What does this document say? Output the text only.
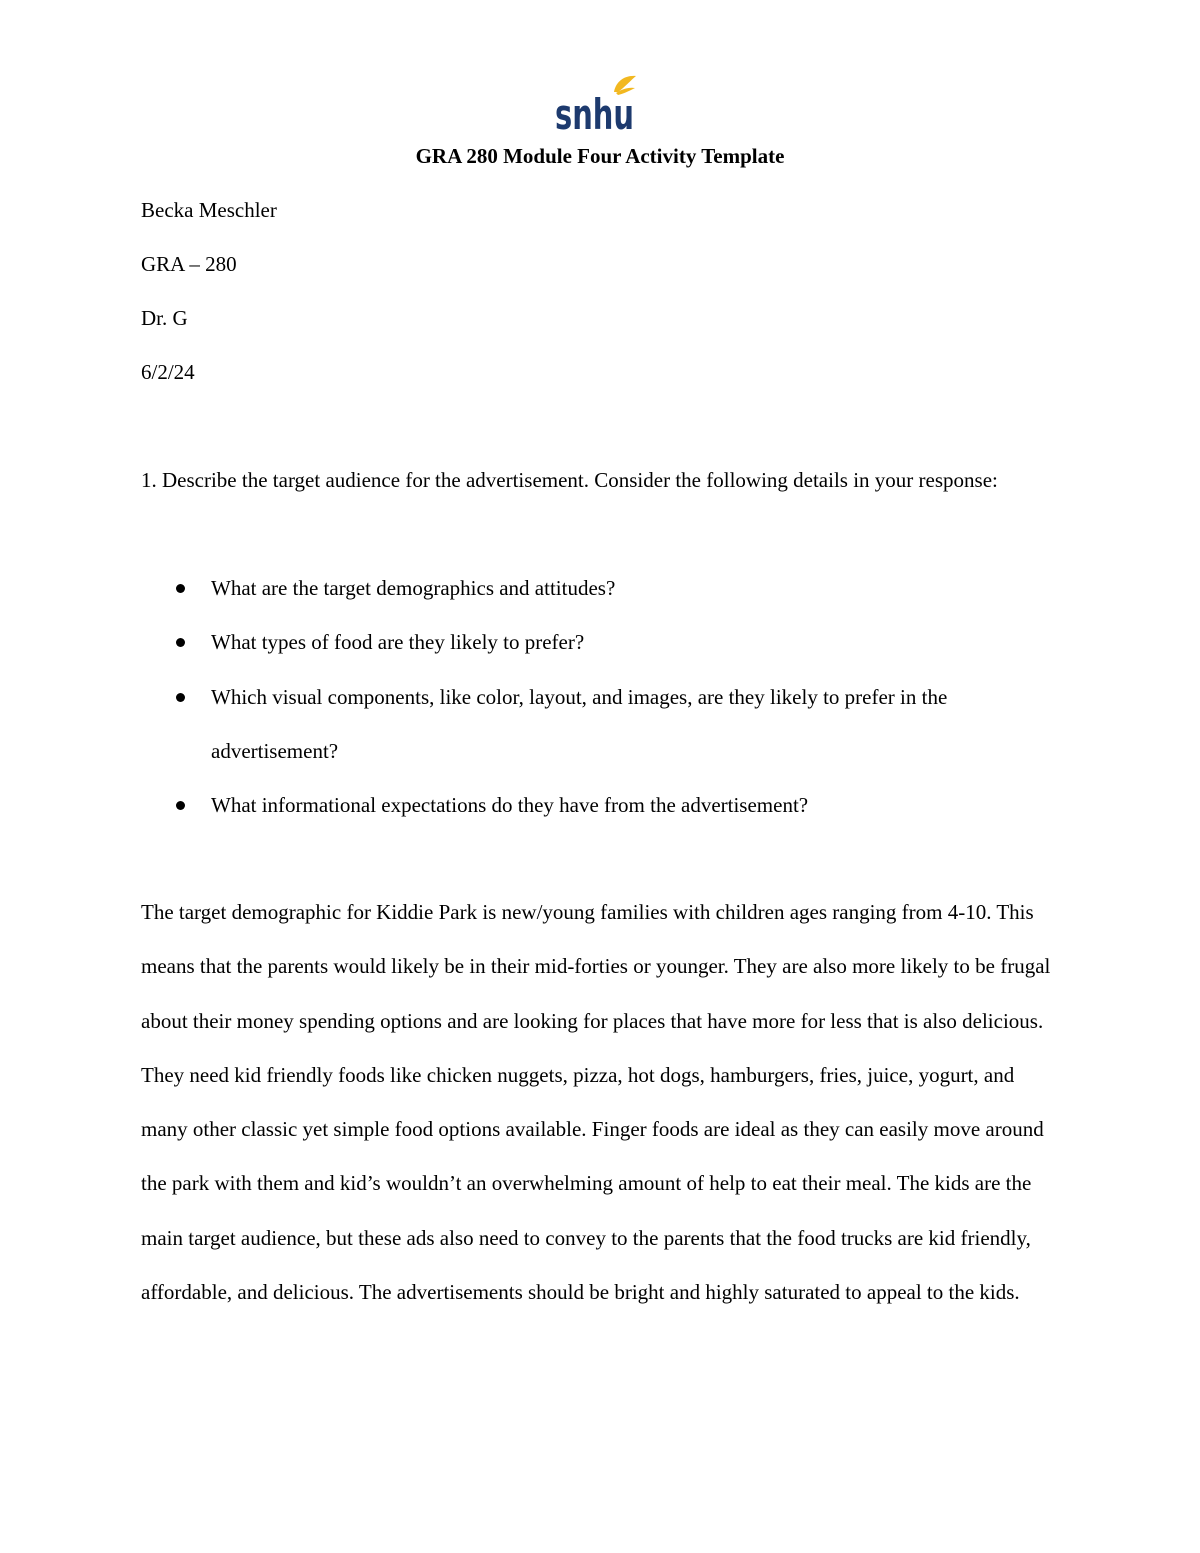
snhu
GRA 280 Module Four Activity Template
Becka Meschler
GRA – 280
Dr. G
6/2/24
1. Describe the target audience for the advertisement. Consider the following details in your response:
What are the target demographics and attitudes?
What types of food are they likely to prefer?
Which visual components, like color, layout, and images, are they likely to prefer in the advertisement?
What informational expectations do they have from the advertisement?
The target demographic for Kiddie Park is new/young families with children ages ranging from 4-10. This means that the parents would likely be in their mid-forties or younger. They are also more likely to be frugal about their money spending options and are looking for places that have more for less that is also delicious. They need kid friendly foods like chicken nuggets, pizza, hot dogs, hamburgers, fries, juice, yogurt, and many other classic yet simple food options available. Finger foods are ideal as they can easily move around the park with them and kid’s wouldn’t an overwhelming amount of help to eat their meal. The kids are the main target audience, but these ads also need to convey to the parents that the food trucks are kid friendly, affordable, and delicious. The advertisements should be bright and highly saturated to appeal to the kids.
